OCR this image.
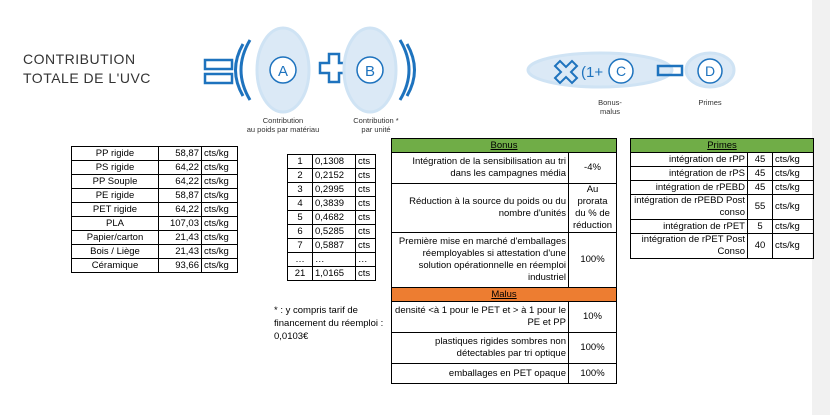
CONTRIBUTION
TOTALE DE L'UVC	A	B	(1+ C	D
Contribution
au poids par matériau
Contribution *
par unité
Bonus-
malus
Primes
PP rigide	58,87	cts/kg
PS rigide	64,22	cts/kg
PP Souple	64,22	cts/kg
PE rigide	58,87	cts/kg
PET rigide	64,22	cts/kg
PLA	107,03	cts/kg
Papier/carton	21,43	cts/kg
Bois / Liège	21,43	cts/kg
Céramique	93,66	cts/kg
1	0,1308	cts
2	0,2152	cts
3	0,2995	cts
4	0,3839	cts
5	0,4682	cts
6	0,5285	cts
7	0,5887	cts
…	…	…
21	1,0165	cts
* : y compris tarif de financement du réemploi : 0,0103€
Bonus	
Intégration de la sensibilisation au tri dans les campagnes média	-4%
Réduction à la source du poids ou du nombre d'unités	Au prorata du % de réduction
Première mise en marché d'emballages réemployables si attestation d'une solution opérationnelle en réemploi industriel	100%
Malus	
densité <à 1 pour le PET et > à 1 pour le PE et PP	10%
plastiques rigides sombres non détectables par tri optique	100%
emballages en PET opaque	100%
Primes		
intégration de rPP	45	cts/kg
intégration de rPS	45	cts/kg
intégration de rPEBD	45	cts/kg
intégration de rPEBD Post conso	55	cts/kg
intégration de rPET	5	cts/kg
intégration de rPET Post Conso	40	cts/kg
